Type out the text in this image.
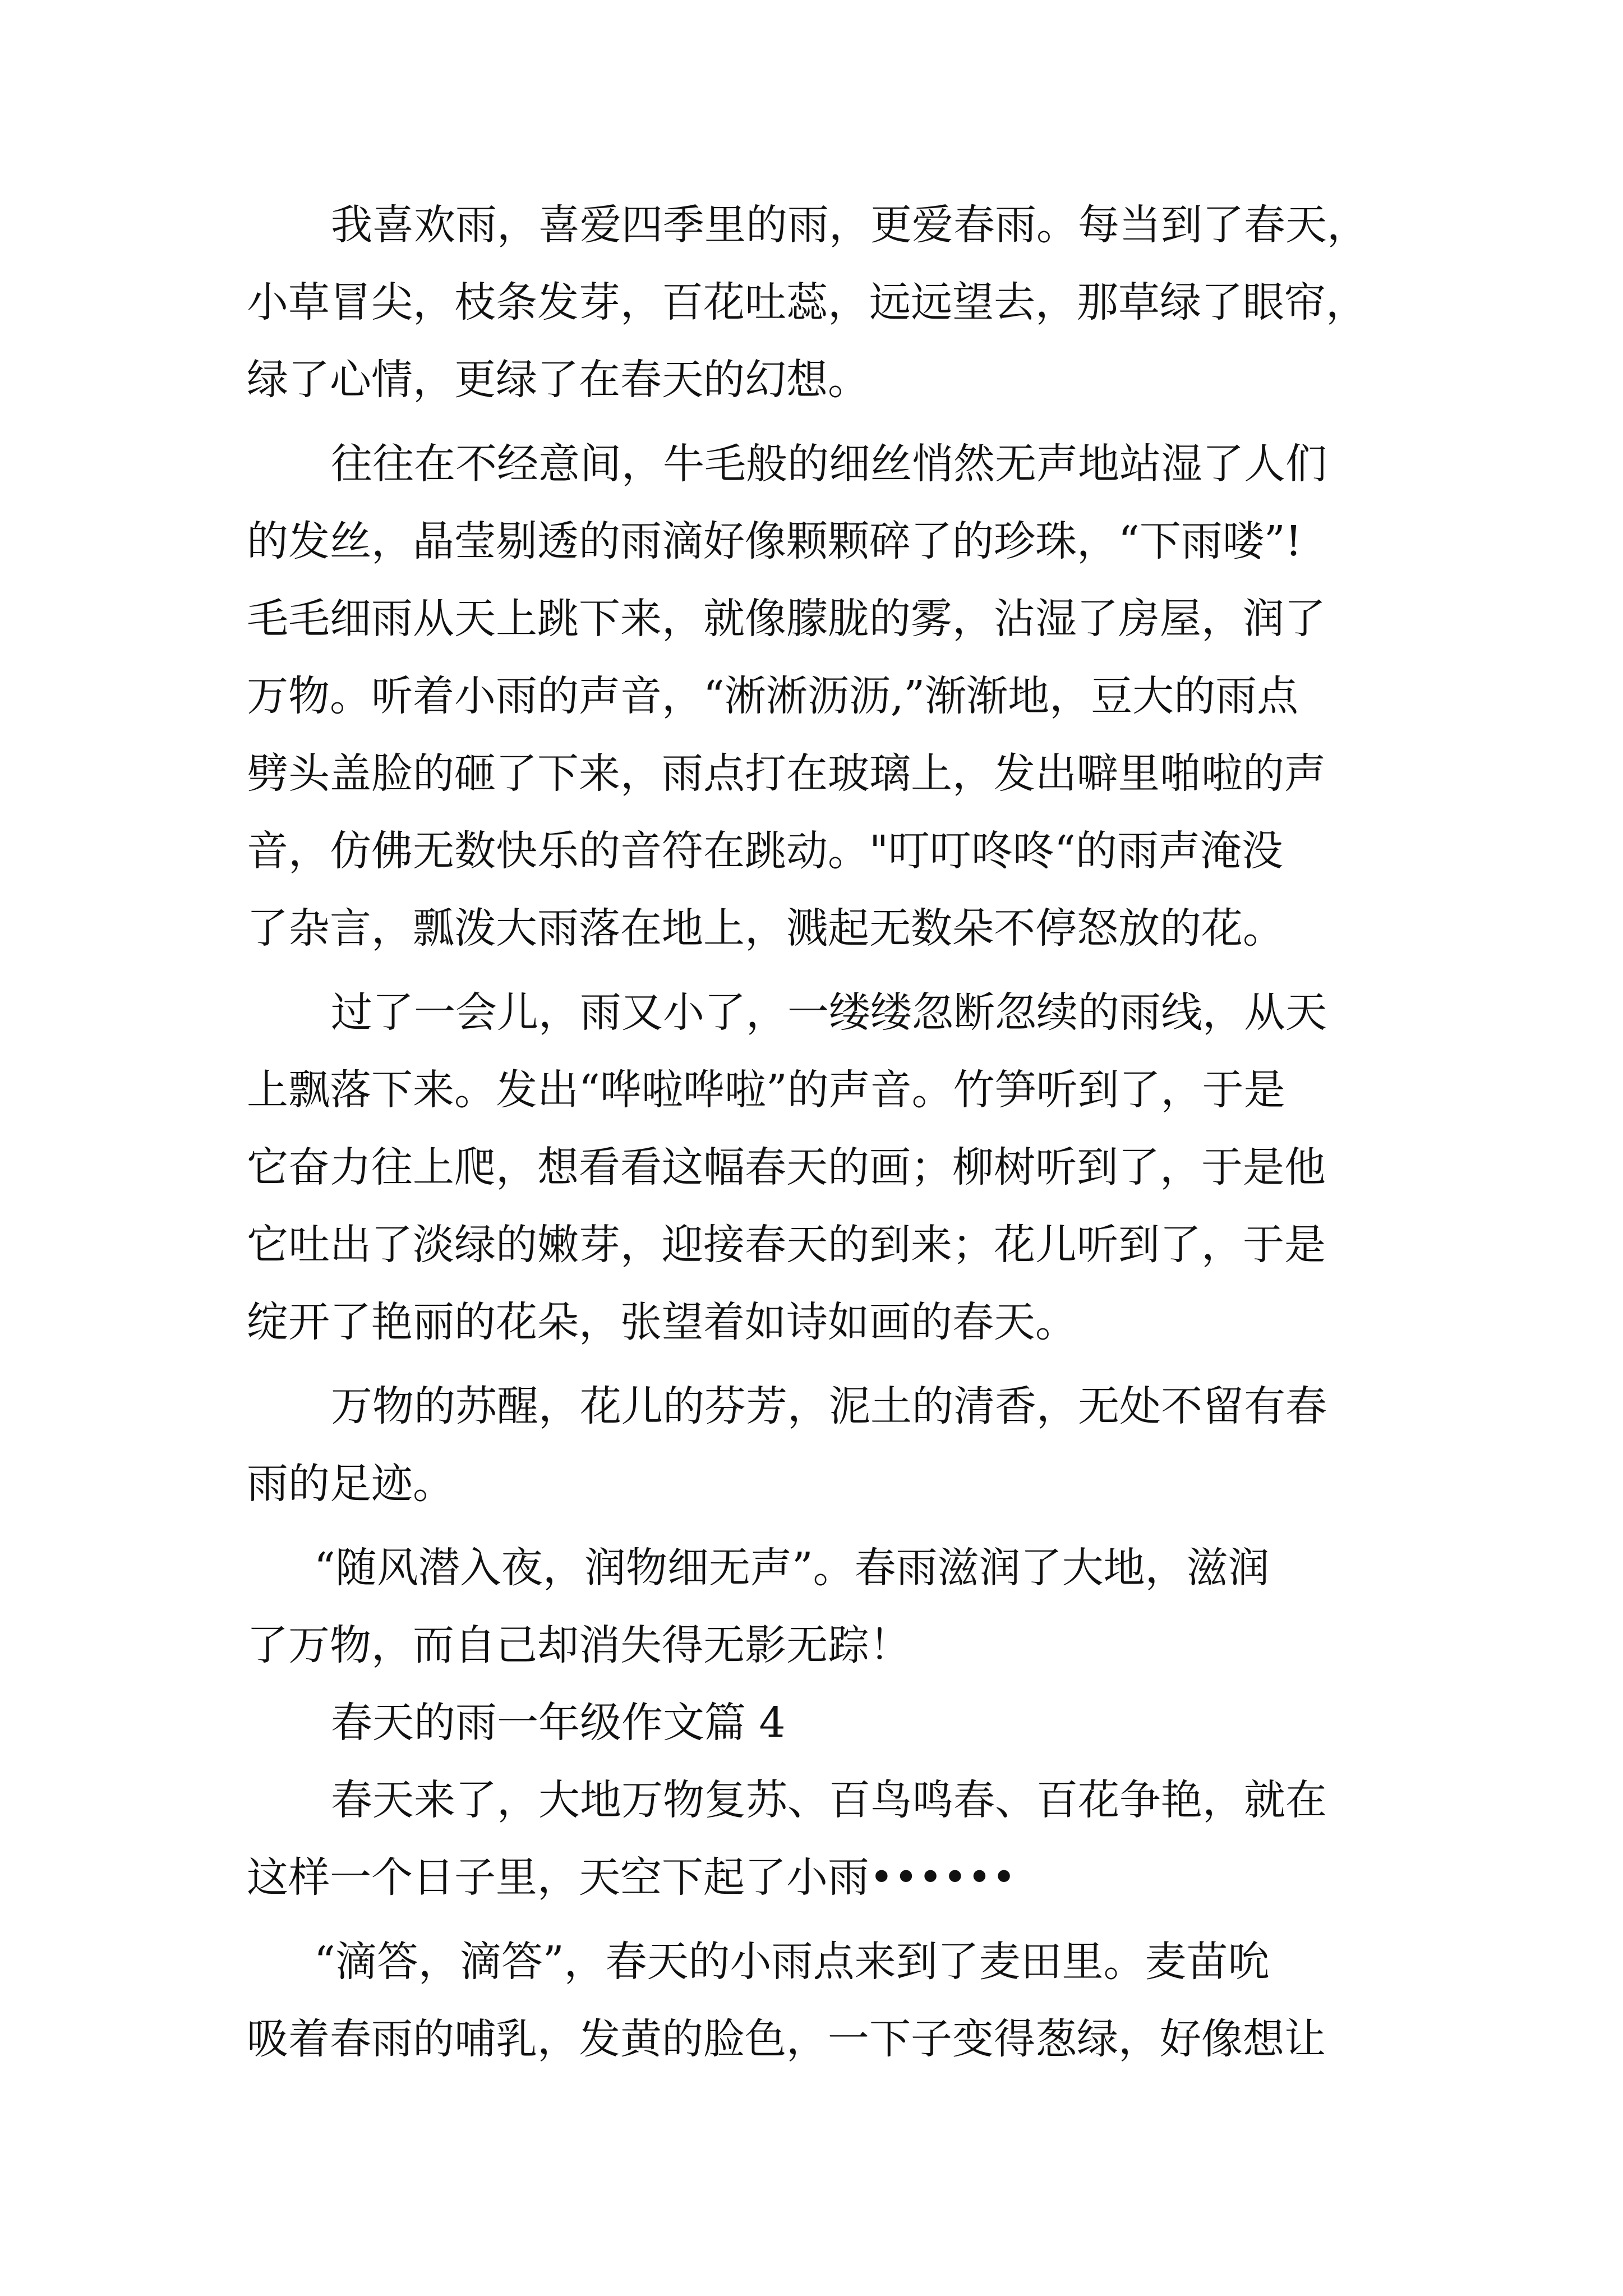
我喜欢雨，喜爱四季里的雨，更爱春雨。每当到了春天，
小草冒尖，枝条发芽，百花吐蕊，远远望去，那草绿了眼帘，
绿了心情，更绿了在春天的幻想。
往往在不经意间，牛毛般的细丝悄然无声地站湿了人们
的发丝，晶莹剔透的雨滴好像颗颗碎了的珍珠，“下雨喽”!
毛毛细雨从天上跳下来，就像朦胧的雾，沾湿了房屋，润了
万物。听着小雨的声音，“淅淅沥沥,”渐渐地，豆大的雨点
劈头盖脸的砸了下来，雨点打在玻璃上，发出噼里啪啦的声
音，仿佛无数快乐的音符在跳动。"叮叮咚咚“的雨声淹没
了杂言，瓢泼大雨落在地上，溅起无数朵不停怒放的花。
过了一会儿，雨又小了，一缕缕忽断忽续的雨线，从天
上飘落下来。发出“哗啦哗啦”的声音。竹笋听到了，于是
它奋力往上爬，想看看这幅春天的画；柳树听到了，于是他
它吐出了淡绿的嫩芽，迎接春天的到来；花儿听到了，于是
绽开了艳丽的花朵，张望着如诗如画的春天。
万物的苏醒，花儿的芬芳，泥土的清香，无处不留有春
雨的足迹。
“随风潜入夜，润物细无声”。春雨滋润了大地，滋润
了万物，而自己却消失得无影无踪！
春天的雨一年级作文篇 4
春天来了，大地万物复苏、百鸟鸣春、百花争艳，就在
这样一个日子里，天空下起了小雨••••••
“滴答，滴答”，春天的小雨点来到了麦田里。麦苗吮
吸着春雨的哺乳，发黄的脸色，一下子变得葱绿，好像想让
